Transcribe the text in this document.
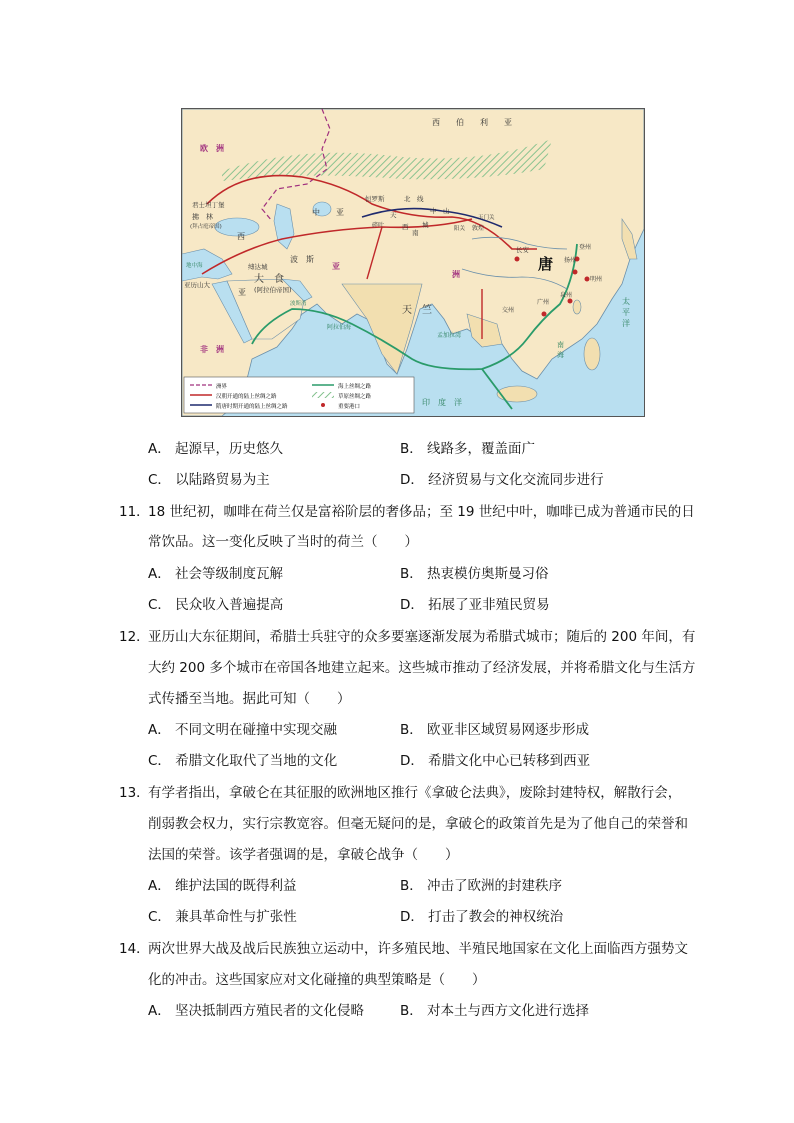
西　　伯　　利　　亚
欧　洲
非　洲
唐
天　竺
大　食
(阿拉伯帝国)
西
亚
波　斯
中　　亚
君士坦丁堡
拂　林
(拜占庭帝国)
缚达城
亚历山大
恒罗斯	北　线
中　山
南
碎叶
天
西 城
玉门关
阳关 敦煌
长安	登州
扬州
明州
泉州
广州
交州
南海
太平洋
印　度　洋
地中海
波斯湾
阿拉伯海
孟加拉湾
洲
亚
洲界
汉朝开通的陆上丝绸之路
隋唐时期开通的陆上丝绸之路
海上丝绸之路
草原丝绸之路
重要港口
A． 起源早，历史悠久	B． 线路多，覆盖面广
C． 以陆路贸易为主	D． 经济贸易与文化交流同步进行
11．
18 世纪初，咖啡在荷兰仅是富裕阶层的奢侈品；至 19 世纪中叶，咖啡已成为普通市民的日
常饮品。这一变化反映了当时的荷兰（　　）
A． 社会等级制度瓦解	B． 热衷模仿奥斯曼习俗
C． 民众收入普遍提高	D． 拓展了亚非殖民贸易
12．
亚历山大东征期间，希腊士兵驻守的众多要塞逐渐发展为希腊式城市；随后的 200 年间，有
大约 200 多个城市在帝国各地建立起来。这些城市推动了经济发展，并将希腊文化与生活方
式传播至当地。据此可知（　　）
A． 不同文明在碰撞中实现交融	B． 欧亚非区域贸易网逐步形成
C． 希腊文化取代了当地的文化	D． 希腊文化中心已转移到西亚
13．
有学者指出，拿破仑在其征服的欧洲地区推行《拿破仑法典》，废除封建特权，解散行会，
削弱教会权力，实行宗教宽容。但毫无疑问的是，拿破仑的政策首先是为了他自己的荣誉和
法国的荣誉。该学者强调的是，拿破仑战争（　　）
A． 维护法国的既得利益	B． 冲击了欧洲的封建秩序
C． 兼具革命性与扩张性	D． 打击了教会的神权统治
14．
两次世界大战及战后民族独立运动中，许多殖民地、半殖民地国家在文化上面临西方强势文
化的冲击。这些国家应对文化碰撞的典型策略是（　　）
A． 坚决抵制西方殖民者的文化侵略	B． 对本土与西方文化进行选择
